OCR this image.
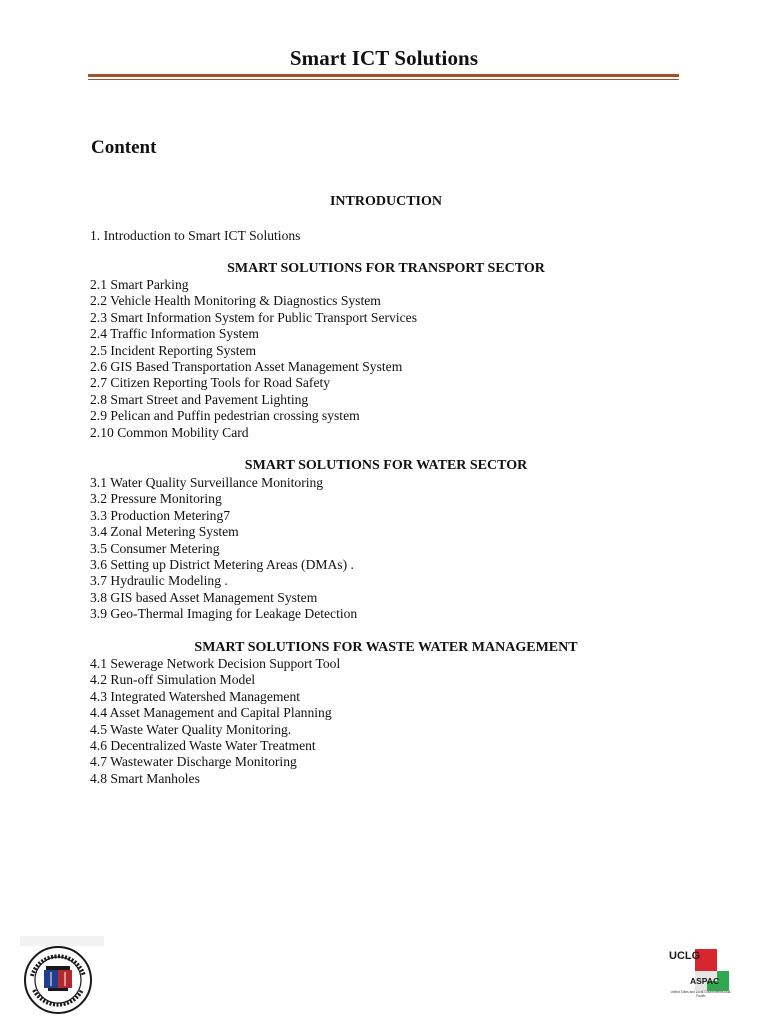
Smart ICT Solutions
Content
INTRODUCTION
1. Introduction to Smart ICT Solutions
SMART SOLUTIONS FOR TRANSPORT SECTOR
2.1 Smart Parking
2.2 Vehicle Health Monitoring & Diagnostics System
2.3 Smart Information System for Public Transport Services
2.4 Traffic Information System
2.5 Incident Reporting System
2.6 GIS Based Transportation Asset Management System
2.7 Citizen Reporting Tools for Road Safety
2.8 Smart Street and Pavement Lighting
2.9 Pelican and Puffin pedestrian crossing system
2.10 Common Mobility Card
SMART SOLUTIONS FOR WATER SECTOR
3.1 Water Quality Surveillance Monitoring
3.2 Pressure Monitoring
3.3 Production Metering7
3.4 Zonal Metering System
3.5 Consumer Metering
3.6 Setting up District Metering Areas (DMAs) .
3.7 Hydraulic Modeling .
3.8 GIS based Asset Management System
3.9 Geo-Thermal Imaging for Leakage Detection
SMART SOLUTIONS FOR WASTE WATER MANAGEMENT
4.1 Sewerage Network Decision Support Tool
4.2 Run-off Simulation Model
4.3 Integrated Watershed Management
4.4 Asset Management and Capital Planning
4.5 Waste Water Quality Monitoring.
4.6 Decentralized Waste Water Treatment
4.7 Wastewater Discharge Monitoring
4.8 Smart Manholes
UCLG
ASPAC
United Cities and Local Governments Asia-Pacific
